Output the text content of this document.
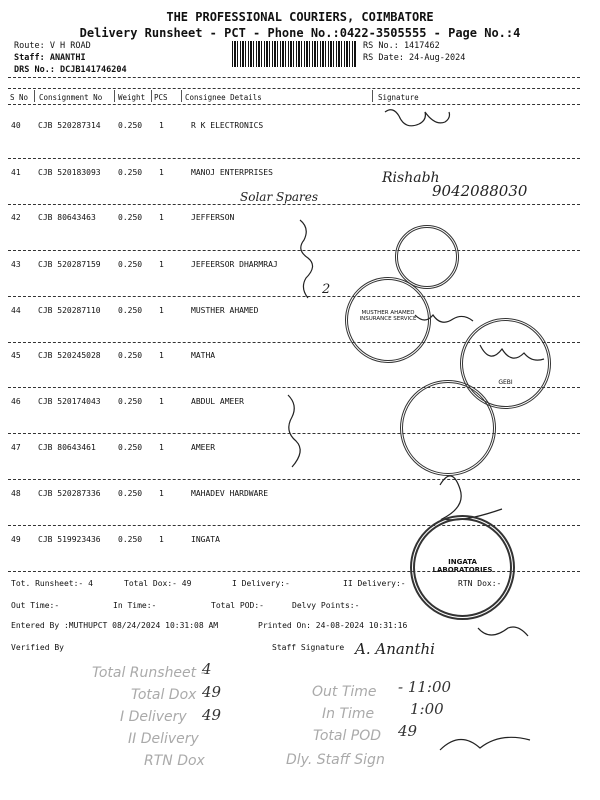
THE PROFESSIONAL COURIERS, COIMBATORE
Delivery Runsheet - PCT - Phone No.:0422-3505555 - Page No.:4
Route: V H ROAD
Staff: ANANTHI
DRS No.: DCJB141746204
RS No.: 1417462
RS Date: 24-Aug-2024
S No Consignment No Weight PCS Consignee Details	Signature
40 CJB 520287314 0.250 1	R K ELECTRONICS
41 CJB 520183093 0.250 1	MANOJ ENTERPRISES
42 CJB 80643463	0.250 1	JEFFERSON
43 CJB 520287159 0.250 1	JEFEERSOR DHARMRAJ
44 CJB 520287110 0.250 1	MUSTHER AHAMED
45 CJB 520245028 0.250 1	MATHA
46 CJB 520174043 0.250 1	ABDUL AMEER
47 CJB 80643461	0.250 1	AMEER
48 CJB 520287336 0.250 1	MAHADEV HARDWARE
49 CJB 519923436 0.250 1	INGATA
Rishabh
9042088030
Solar Spares
2
MUSTHER AHAMED INSURANCE SERVICE
GEBI
INGATA LABORATORIES
Tot. Runsheet:- 4	Total Dox:- 49	I Delivery:-	II Delivery:-	RTN Dox:-
Out Time:-	In Time:-	Total POD:-	Delvy Points:-
Entered By :MUTHUPCT 08/24/2024 10:31:08 AM	Printed On: 24-08-2024 10:31:16
Verified By	Staff Signature A. Ananthi
Total Runsheet -
4
Total Dox 49
I Delivery 49
II Delivery
RTN Dox
Out Time - 11:00
In Time 1:00
Total POD 49
Dly. Staff Sign
